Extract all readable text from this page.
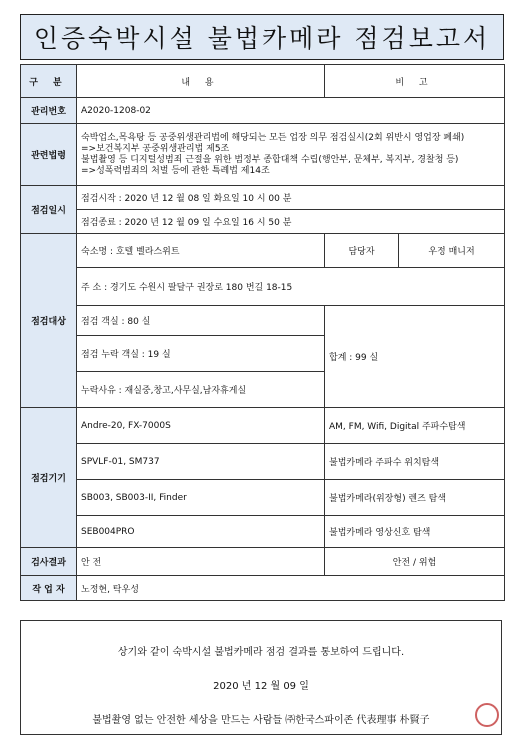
인증숙박시설 불법카메라 점검보고서
구 분	내 용	비 고	
관리번호	A2020-1208-02		
관련법령	숙박업소,목욕탕 등 공중위생관리법에 해당되는 모든 업장 의무 점검실시(2회 위반시 영업장 폐쇄)
=>보건복지부 공중위생관리법 제5조
불법촬영 등 디지털성범죄 근절을 위한 범정부 종합대책 수립(행안부, 문체부, 복지부, 경찰청 등)
=>성폭력범죄의 처벌 등에 관한 특례법 제14조		

점검일시	점검시작 : 2020 년 12 월 08 일 화요일 10 시 00 분		
	점검종료 : 2020 년 12 월 09 일 수요일 16 시 50 분		
점검대상	숙소명 : 호텔 벨라스위트	담당자	우정 매니저
	주 소 : 경기도 수원시 팔달구 권장로 180 번길 18-15		
	점검 객실 : 80 실	합계 : 99 실	
	점검 누락 객실 : 19 실		
	누락사유 : 재실중,창고,사무실,남자휴게실		
점검기기	Andre-20, FX-7000S	AM, FM, Wifi, Digital 주파수탐색	
	SPVLF-01, SM737	불법카메라 주파수 위치탐색	
	SB003, SB003-II, Finder	불법카메라(위장형) 렌즈 탐색	
	SEB004PRO	불법카메라 영상신호 탐색	
검사결과	안 전	안전 / 위험	
작 업 자	노정현, 탁우성		
상기와 같이 숙박시설 불법카메라 점검 결과를 통보하여 드립니다.
2020 년 12 월 09 일
불법촬영 없는 안전한 세상을 만드는 사람들 ㈜한국스파이존 代表理事 朴賢子
